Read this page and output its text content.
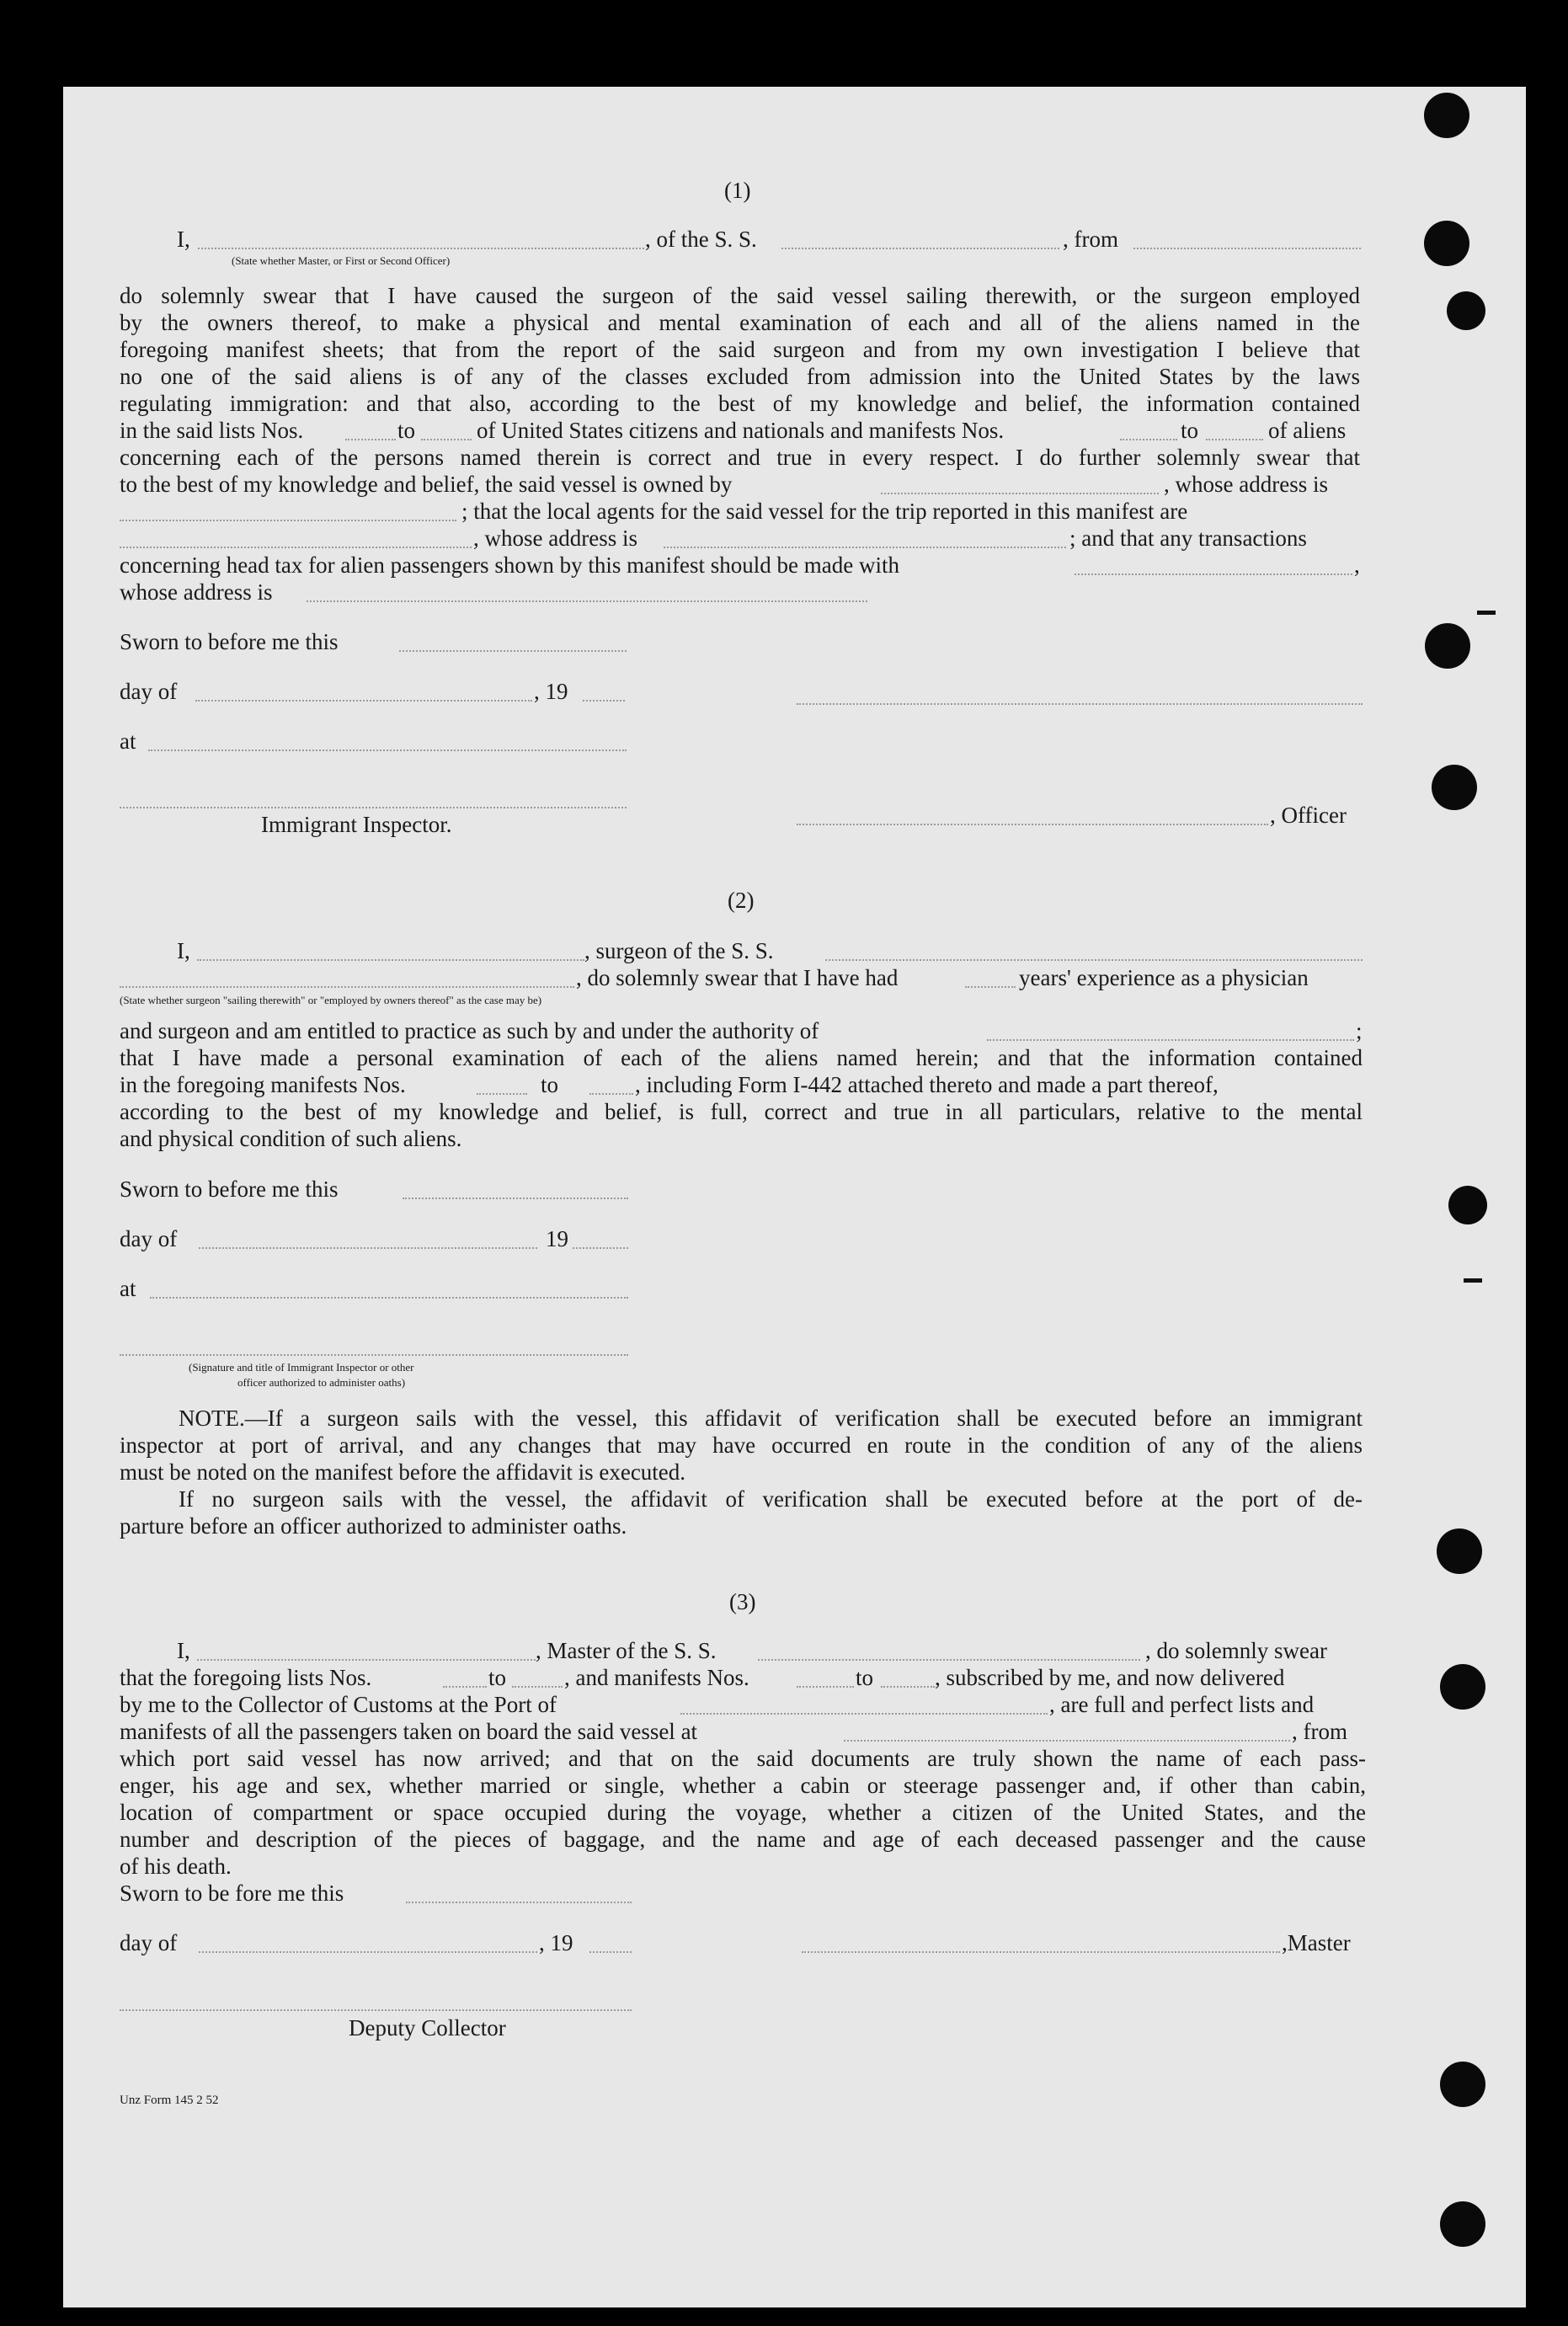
(1)
I,	, of the S. S.	, from
(State whether Master, or First or Second Officer)
do solemnly swear that I have caused the surgeon of the said vessel sailing therewith, or the surgeon employed
by the owners thereof, to make a physical and mental examination of each and all of the aliens named in the
foregoing manifest sheets; that from the report of the said surgeon and from my own investigation I believe that
no one of the said aliens is of any of the classes excluded from admission into the United States by the laws
regulating immigration: and that also, according to the best of my knowledge and belief, the information contained
in the said lists Nos.	to	of United States citizens and nationals and manifests Nos.	to	of aliens
concerning each of the persons named therein is correct and true in every respect. I do further solemnly swear that
to the best of my knowledge and belief, the said vessel is owned by	, whose address is
; that the local agents for the said vessel for the trip reported in this manifest are
, whose address is	; and that any transactions
concerning head tax for alien passengers shown by this manifest should be made with	,
whose address is
Sworn to before me this
day of	, 19
at
, Officer
Immigrant Inspector.
(2)
I,	, surgeon of the S. S.
, do solemnly swear that I have had	years' experience as a physician
(State whether surgeon "sailing therewith" or "employed by owners thereof" as the case may be)
and surgeon and am entitled to practice as such by and under the authority of	;
that I have made a personal examination of each of the aliens named herein; and that the information contained
in the foregoing manifests Nos.	to	, including Form I-442 attached thereto and made a part thereof,
according to the best of my knowledge and belief, is full, correct and true in all particulars, relative to the mental
and physical condition of such aliens.
Sworn to before me this
day of	19
at
(Signature and title of Immigrant Inspector or other
officer authorized to administer oaths)
NOTE.—If a surgeon sails with the vessel, this affidavit of verification shall be executed before an immigrant
inspector at port of arrival, and any changes that may have occurred en route in the condition of any of the aliens
must be noted on the manifest before the affidavit is executed.
If no surgeon sails with the vessel, the affidavit of verification shall be executed before at the port of de-
parture before an officer authorized to administer oaths.
(3)
I,	, Master of the S. S.	, do solemnly swear
that the foregoing lists Nos.	to	, and manifests Nos.	to	, subscribed by me, and now delivered
by me to the Collector of Customs at the Port of	, are full and perfect lists and
manifests of all the passengers taken on board the said vessel at	, from
which port said vessel has now arrived; and that on the said documents are truly shown the name of each pass-
enger, his age and sex, whether married or single, whether a cabin or steerage passenger and, if other than cabin,
location of compartment or space occupied during the voyage, whether a citizen of the United States, and the
number and description of the pieces of baggage, and the name and age of each deceased passenger and the cause
of his death.
Sworn to be fore me this
day of	, 19	,Master
Deputy Collector
Unz Form 145 2 52
